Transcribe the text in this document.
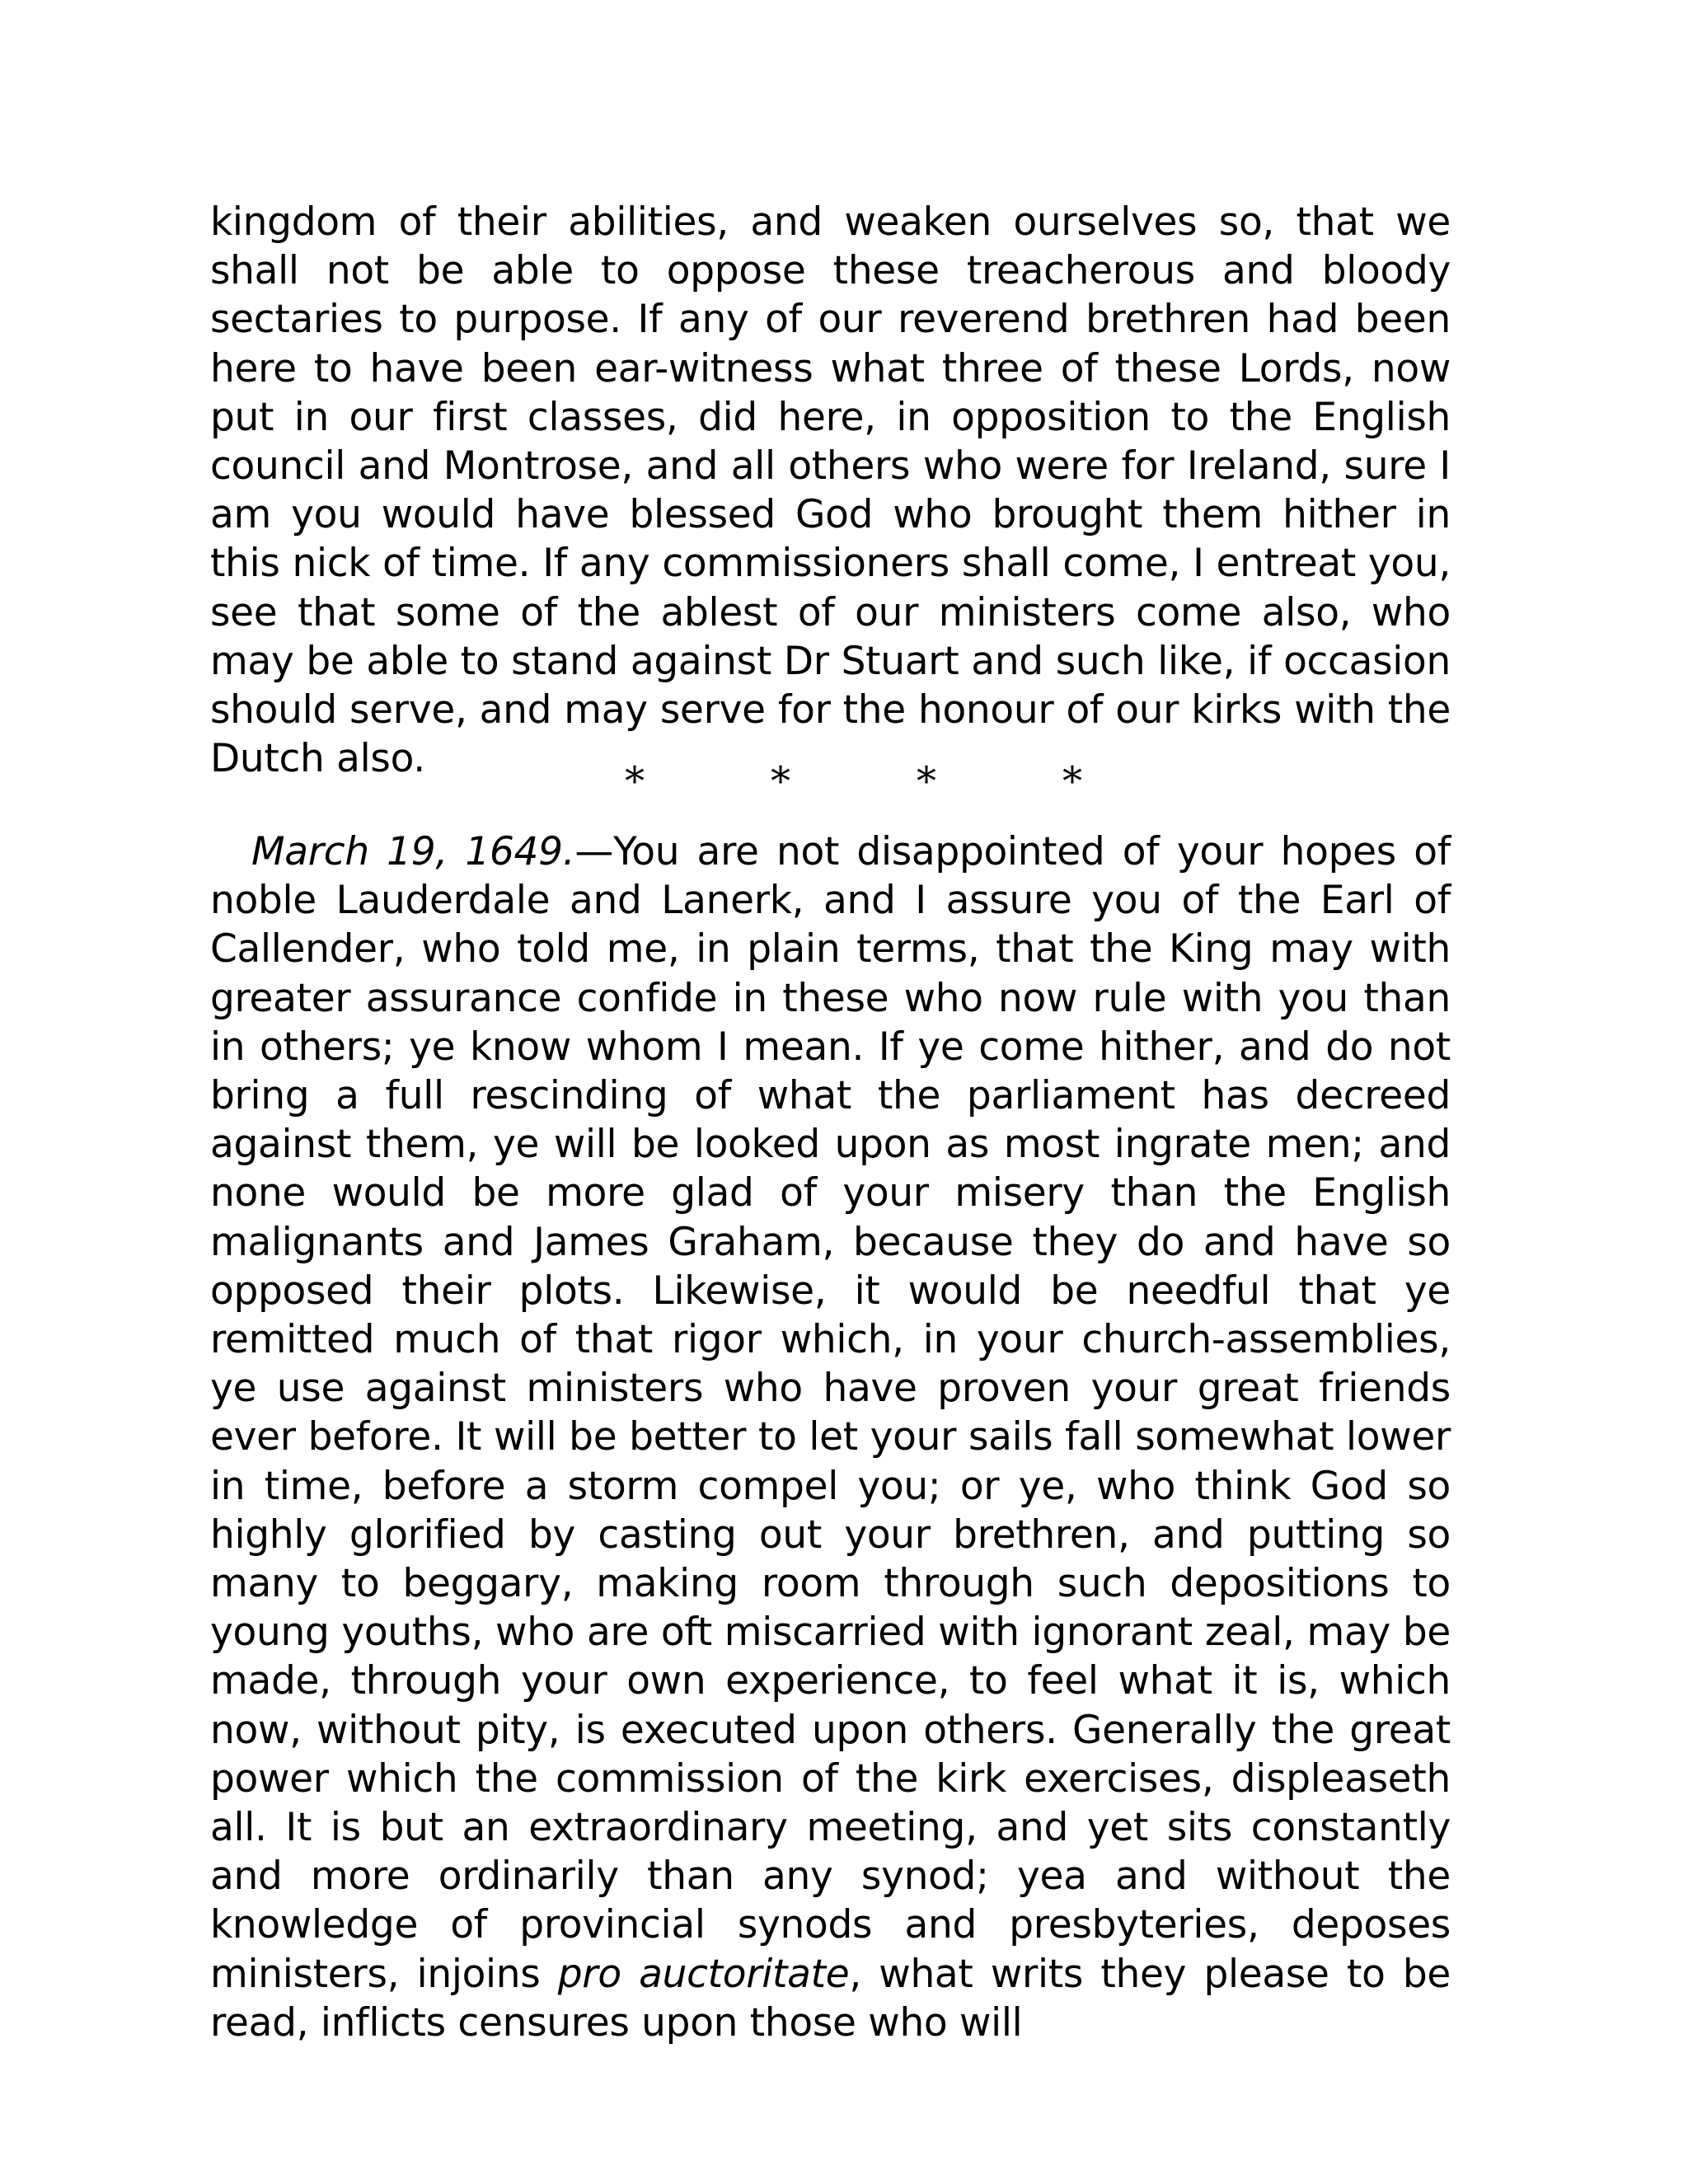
kingdom of their abilities, and weaken ourselves so, that we shall not be able to oppose these treacherous and bloody sectaries to purpose. If any of our reverend brethren had been here to have been ear-witness what three of these Lords, now put in our first classes, did here, in opposition to the English council and Montrose, and all others who were for Ireland, sure I am you would have blessed God who brought them hither in this nick of time. If any commissioners shall come, I entreat you, see that some of the ablest of our ministers come also, who may be able to stand against Dr Stuart and such like, if occasion should serve, and may serve for the honour of our kirks with the Dutch also.	*	*	*	*

March 19, 1649.—You are not disappointed of your hopes of noble Lauderdale and Lanerk, and I assure you of the Earl of Callender, who told me, in plain terms, that the King may with greater assurance confide in these who now rule with you than in others; ye know whom I mean. If ye come hither, and do not bring a full rescinding of what the parliament has decreed against them, ye will be looked upon as most ingrate men; and none would be more glad of your misery than the English malignants and James Graham, because they do and have so opposed their plots. Likewise, it would be needful that ye remitted much of that rigor which, in your church-assemblies, ye use against ministers who have proven your great friends ever before. It will be better to let your sails fall somewhat lower in time, before a storm compel you; or ye, who think God so highly glorified by casting out your brethren, and putting so many to beggary, making room through such depositions to young youths, who are oft miscarried with ignorant zeal, may be made, through your own experience, to feel what it is, which now, without pity, is executed upon others. Generally the great power which the commission of the kirk exercises, displeaseth all. It is but an extraordinary meeting, and yet sits constantly and more ordinarily than any synod; yea and without the knowledge of provincial synods and presbyteries, deposes ministers, injoins pro auctoritate, what writs they please to be read, inflicts censures upon those who will
